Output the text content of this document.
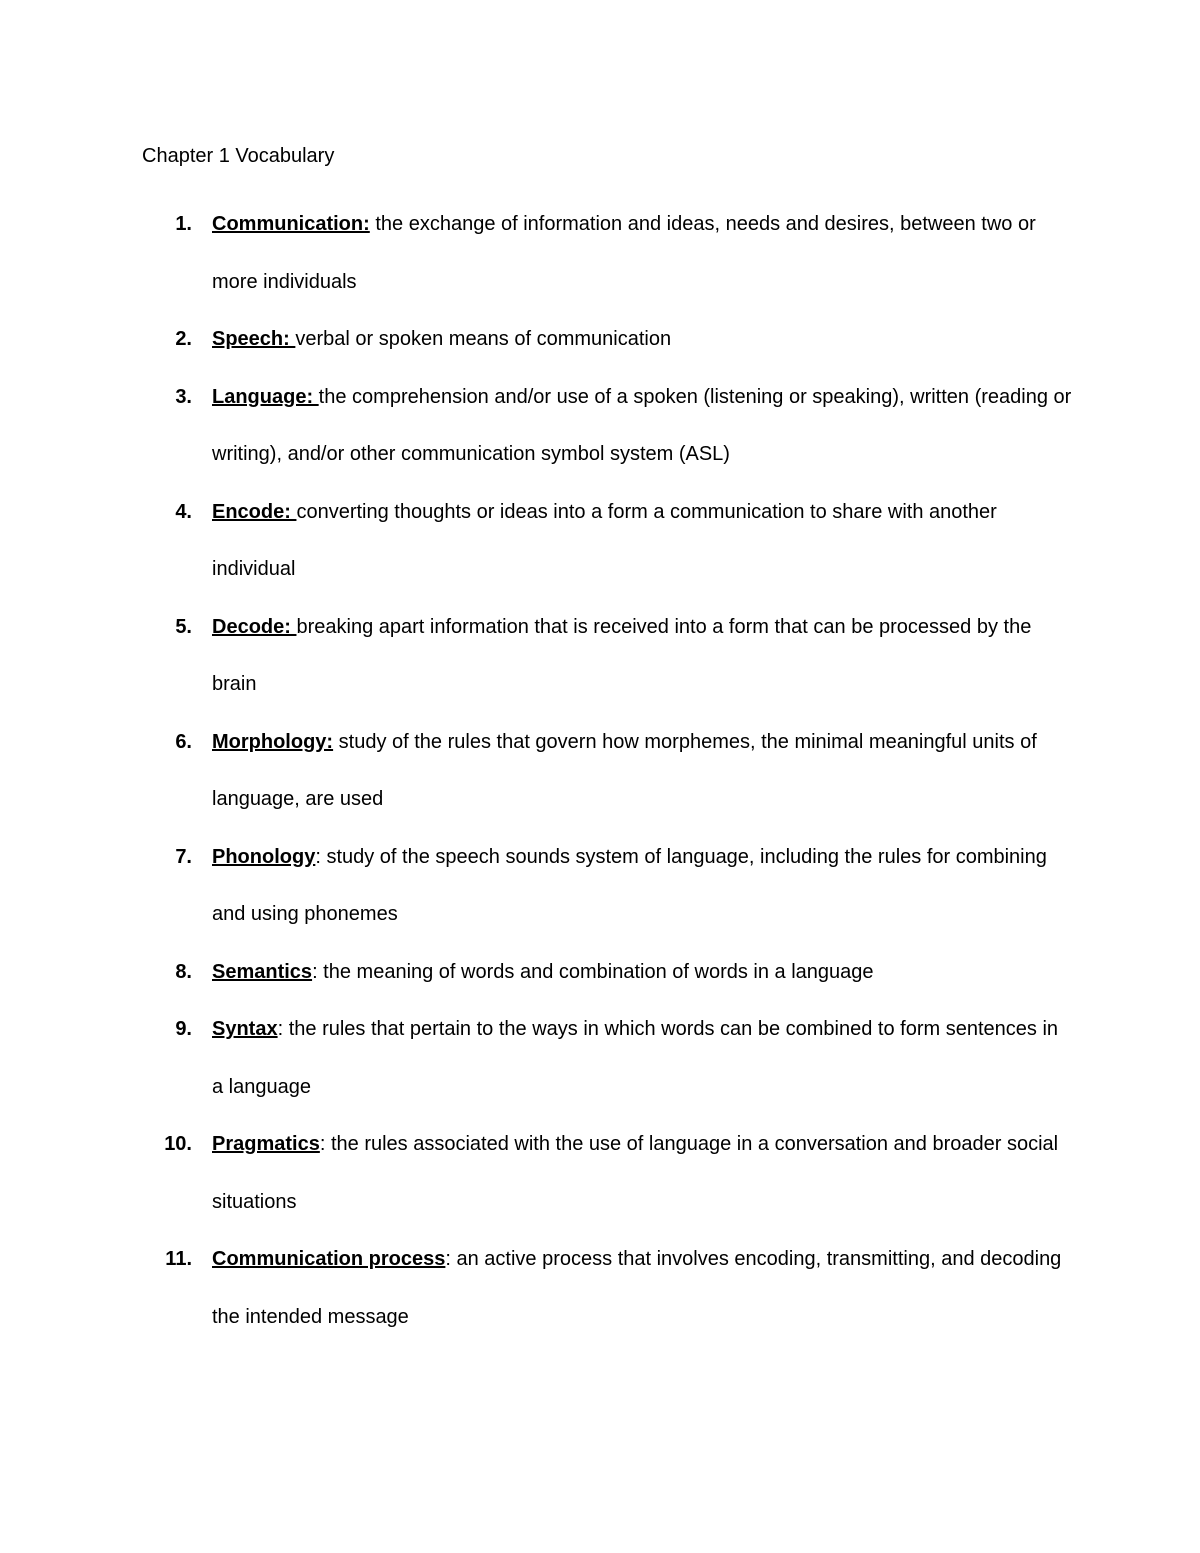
Chapter 1 Vocabulary
1.	Communication: the exchange of information and ideas, needs and desires, between two or more individuals
2.	Speech: verbal or spoken means of communication
3.	Language: the comprehension and/or use of a spoken (listening or speaking), written (reading or writing), and/or other communication symbol system (ASL)
4.	Encode: converting thoughts or ideas into a form a communication to share with another individual
5.	Decode: breaking apart information that is received into a form that can be processed by the brain
6.	Morphology: study of the rules that govern how morphemes, the minimal meaningful units of language, are used
7.	Phonology: study of the speech sounds system of language, including the rules for combining and using phonemes
8.	Semantics: the meaning of words and combination of words in a language
9.	Syntax: the rules that pertain to the ways in which words can be combined to form sentences in a language
10.	Pragmatics: the rules associated with the use of language in a conversation and broader social situations
11.	Communication process: an active process that involves encoding, transmitting, and decoding the intended message
